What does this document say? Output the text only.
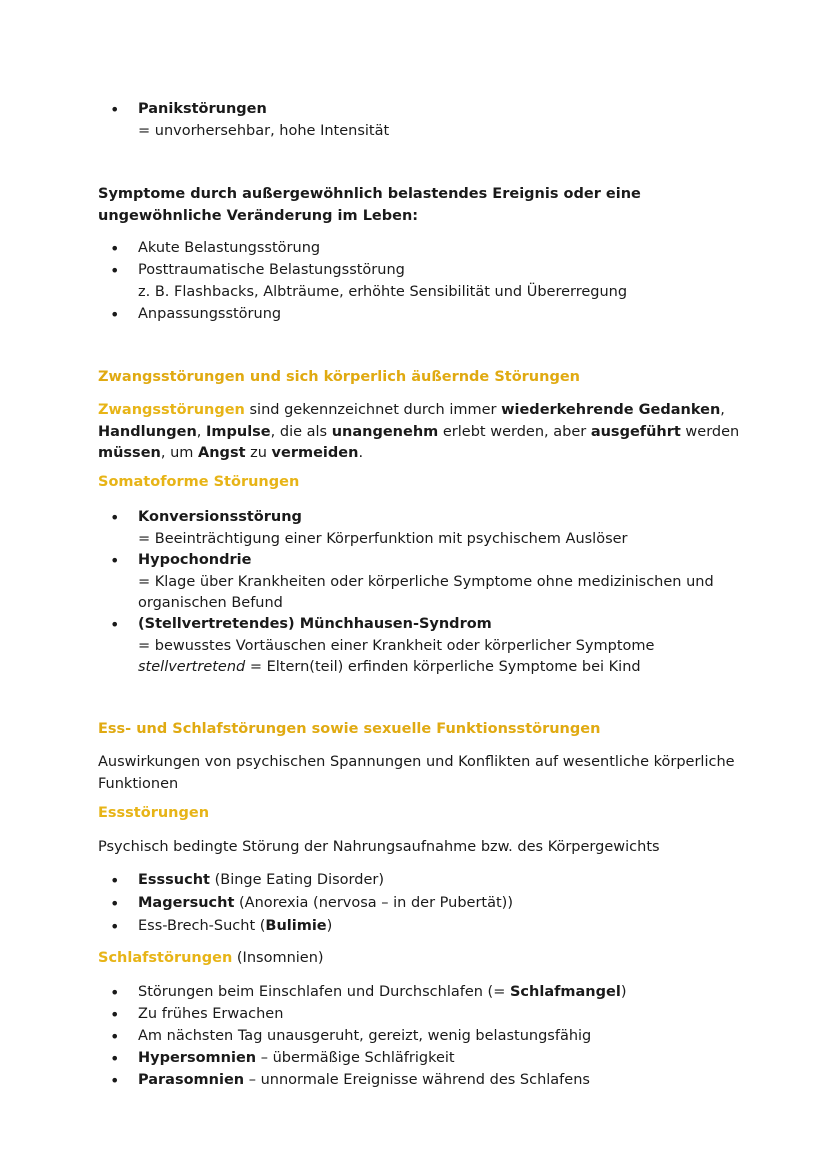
• Panikstörungen
= unvorhersehbar, hohe Intensität
Symptome durch außergewöhnlich belastendes Ereignis oder eine
ungewöhnliche Veränderung im Leben:
• Akute Belastungsstörung
• Posttraumatische Belastungsstörung
z. B. Flashbacks, Albträume, erhöhte Sensibilität und Übererregung
• Anpassungsstörung
Zwangsstörungen und sich körperlich äußernde Störungen
Zwangsstörungen sind gekennzeichnet durch immer wiederkehrende Gedanken,
Handlungen, Impulse, die als unangenehm erlebt werden, aber ausgeführt werden
müssen, um Angst zu vermeiden.
Somatoforme Störungen
• Konversionsstörung
= Beeinträchtigung einer Körperfunktion mit psychischem Auslöser
• Hypochondrie
= Klage über Krankheiten oder körperliche Symptome ohne medizinischen und
organischen Befund
• (Stellvertretendes) Münchhausen-Syndrom
= bewusstes Vortäuschen einer Krankheit oder körperlicher Symptome
stellvertretend = Eltern(teil) erfinden körperliche Symptome bei Kind
Ess- und Schlafstörungen sowie sexuelle Funktionsstörungen
Auswirkungen von psychischen Spannungen und Konflikten auf wesentliche körperliche
Funktionen
Essstörungen
Psychisch bedingte Störung der Nahrungsaufnahme bzw. des Körpergewichts
• Esssucht (Binge Eating Disorder)
• Magersucht (Anorexia (nervosa – in der Pubertät))
• Ess-Brech-Sucht (Bulimie)
Schlafstörungen (Insomnien)
• Störungen beim Einschlafen und Durchschlafen (= Schlafmangel)
• Zu frühes Erwachen
• Am nächsten Tag unausgeruht, gereizt, wenig belastungsfähig
• Hypersomnien – übermäßige Schläfrigkeit
• Parasomnien – unnormale Ereignisse während des Schlafens
